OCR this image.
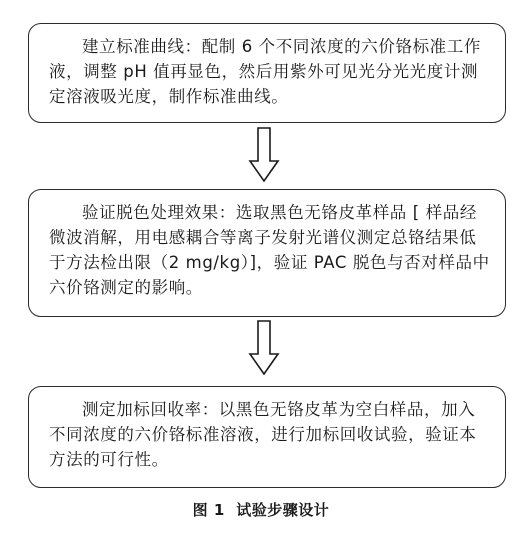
建立标准曲线：配制 6 个不同浓度的六价铬标准工作液，调整 pH 值再显色，然后用紫外可见光分光光度计测定溶液吸光度，制作标准曲线。

验证脱色处理效果：选取黑色无铬皮革样品 [ 样品经微波消解，用电感耦合等离子发射光谱仪测定总铬结果低于方法检出限（2 mg/kg）]，验证 PAC 脱色与否对样品中六价铬测定的影响。

测定加标回收率：以黑色无铬皮革为空白样品，加入不同浓度的六价铬标准溶液，进行加标回收试验，验证本方法的可行性。

图 1 试验步骤设计
